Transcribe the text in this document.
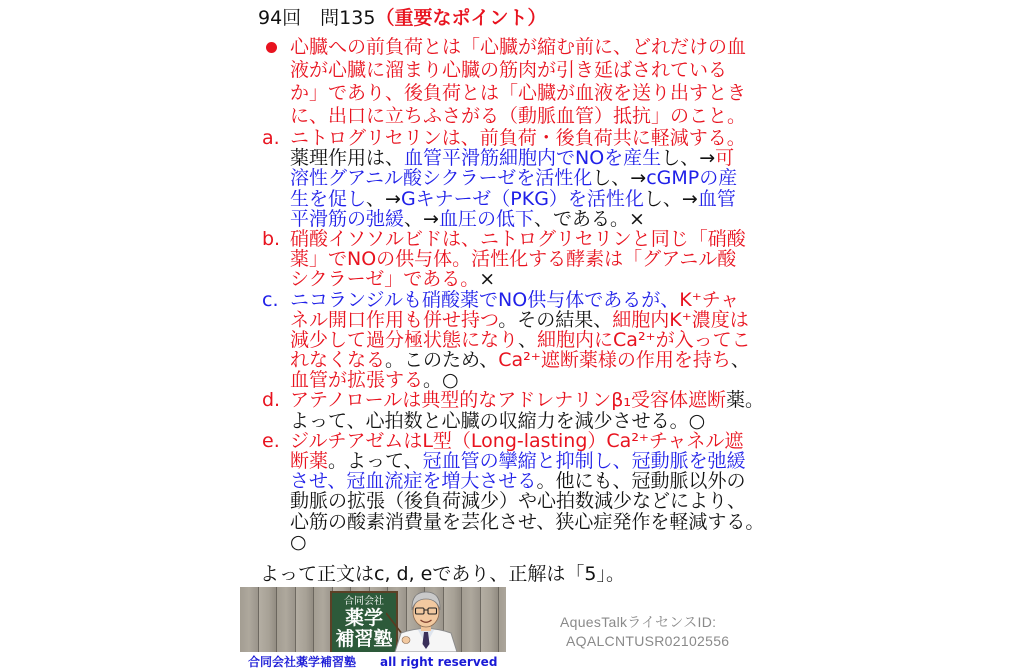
94回　問135（重要なポイント）
心臓への前負荷とは「心臓が縮む前に、どれだけの血
液が心臓に溜まり心臓の筋肉が引き延ばされている
か」であり、後負荷とは「心臓が血液を送り出すとき
に、出口に立ちふさがる（動脈血管）抵抗」のこと。
a. ニトログリセリンは、前負荷・後負荷共に軽減する。
薬理作用は、血管平滑筋細胞内でNOを産生し、→可
溶性グアニル酸シクラーゼを活性化し、→cGMPの産
生を促し、→Gキナーゼ（PKG）を活性化し、→血管
平滑筋の弛緩、→血圧の低下、である。×
b. 硝酸イソソルビドは、ニトログリセリンと同じ「硝酸
薬」でNOの供与体。活性化する酵素は「グアニル酸
シクラーゼ」である。×
c. ニコランジルも硝酸薬でNO供与体であるが、K⁺チャ
ネル開口作用も併せ持つ。その結果、細胞内K⁺濃度は
減少して過分極状態になり、細胞内にCa²⁺が入ってこ
れなくなる。このため、Ca²⁺遮断薬様の作用を持ち、
血管が拡張する。○
d. アテノロールは典型的なアドレナリンβ₁受容体遮断薬。
よって、心拍数と心臓の収縮力を減少させる。○
e. ジルチアゼムはL型（Long-lasting）Ca²⁺チャネル遮
断薬。よって、冠血管の攣縮と抑制し、冠動脈を弛緩
させ、冠血流症を増大させる。他にも、冠動脈以外の
動脈の拡張（後負荷減少）や心拍数減少などにより、
心筋の酸素消費量を芸化させ、狭心症発作を軽減する。
○
よって正文はc, d, eであり、正解は「5」。
合同会社
薬学
補習塾
合同会社薬学補習塾 all right reserved
AquesTalkライセンスID:
AQALCNTUSR02102556
